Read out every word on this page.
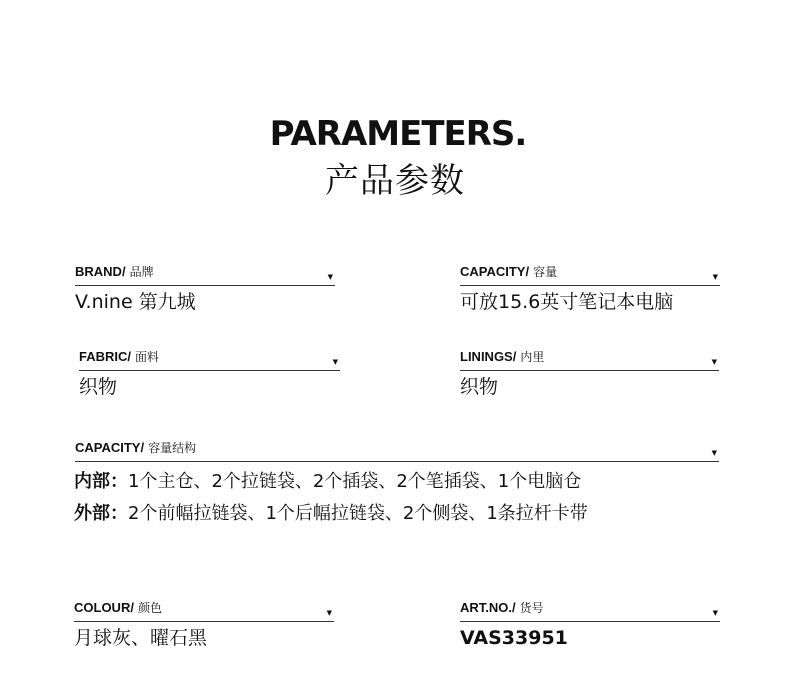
PARAMETERS.
产品参数
BRAND/ 品牌	▼
V.nine 第九城
CAPACITY/ 容量	▼
可放15.6英寸笔记本电脑
FABRIC/ 面料	▼
织物
LININGS/ 内里	▼
织物
CAPACITY/ 容量结构	▼
内部：1个主仓、2个拉链袋、2个插袋、2个笔插袋、1个电脑仓
外部：2个前幅拉链袋、1个后幅拉链袋、2个侧袋、1条拉杆卡带
COLOUR/ 颜色	▼
月球灰、曜石黑
ART.NO./ 货号	▼
VAS33951
